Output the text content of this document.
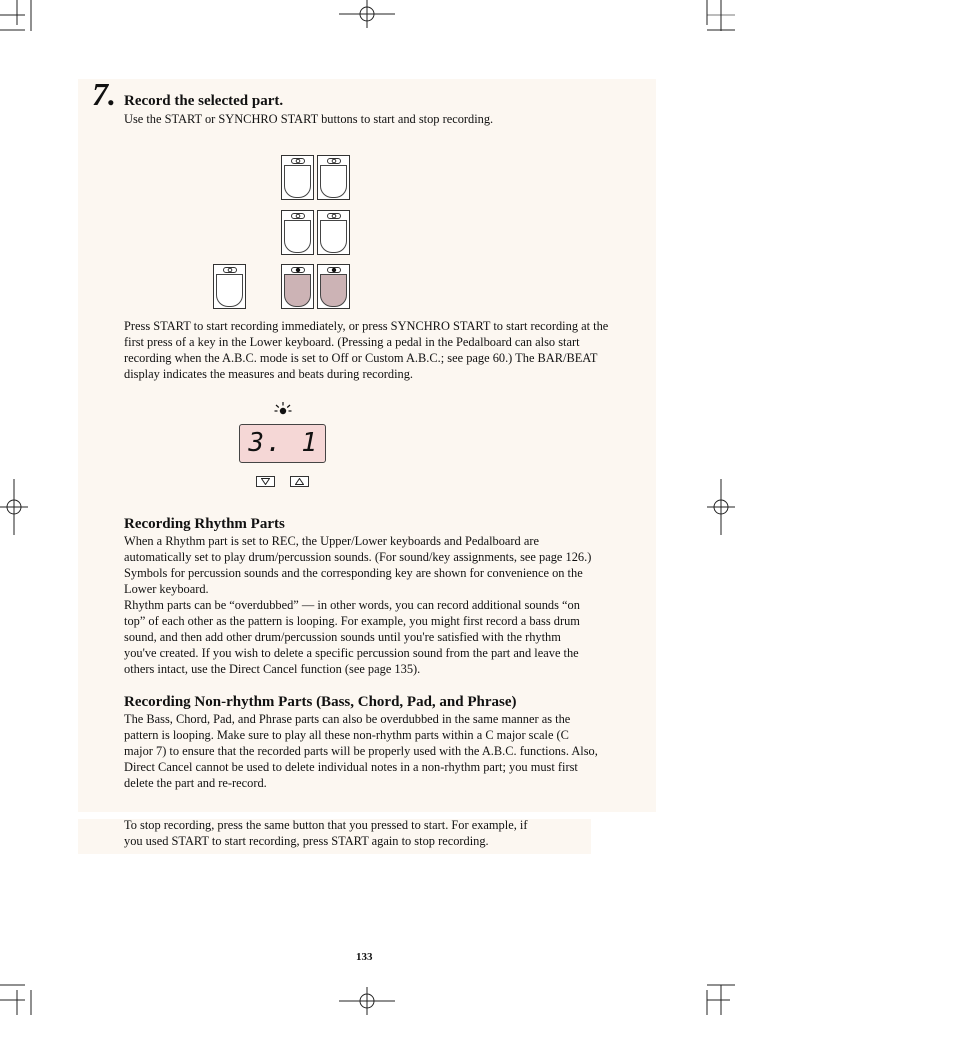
7. Record the selected part.
Use the START or SYNCHRO START buttons to start and stop recording.
Press START to start recording immediately, or press SYNCHRO START to start recording at the
first press of a key in the Lower keyboard. (Pressing a pedal in the Pedalboard can also start
recording when the A.B.C. mode is set to Off or Custom A.B.C.; see page 60.) The BAR/BEAT
display indicates the measures and beats during recording.
3. 1
Recording Rhythm Parts
When a Rhythm part is set to REC, the Upper/Lower keyboards and Pedalboard are
automatically set to play drum/percussion sounds. (For sound/key assignments, see page 126.)
Symbols for percussion sounds and the corresponding key are shown for convenience on the
Lower keyboard.
Rhythm parts can be “overdubbed” — in other words, you can record additional sounds “on
top” of each other as the pattern is looping. For example, you might first record a bass drum
sound, and then add other drum/percussion sounds until you're satisfied with the rhythm
you've created. If you wish to delete a specific percussion sound from the part and leave the
others intact, use the Direct Cancel function (see page 135).
Recording Non-rhythm Parts (Bass, Chord, Pad, and Phrase)
The Bass, Chord, Pad, and Phrase parts can also be overdubbed in the same manner as the
pattern is looping. Make sure to play all these non-rhythm parts within a C major scale (C
major 7) to ensure that the recorded parts will be properly used with the A.B.C. functions. Also,
Direct Cancel cannot be used to delete individual notes in a non-rhythm part; you must first
delete the part and re-record.
To stop recording, press the same button that you pressed to start. For example, if
you used START to start recording, press START again to stop recording.
133
